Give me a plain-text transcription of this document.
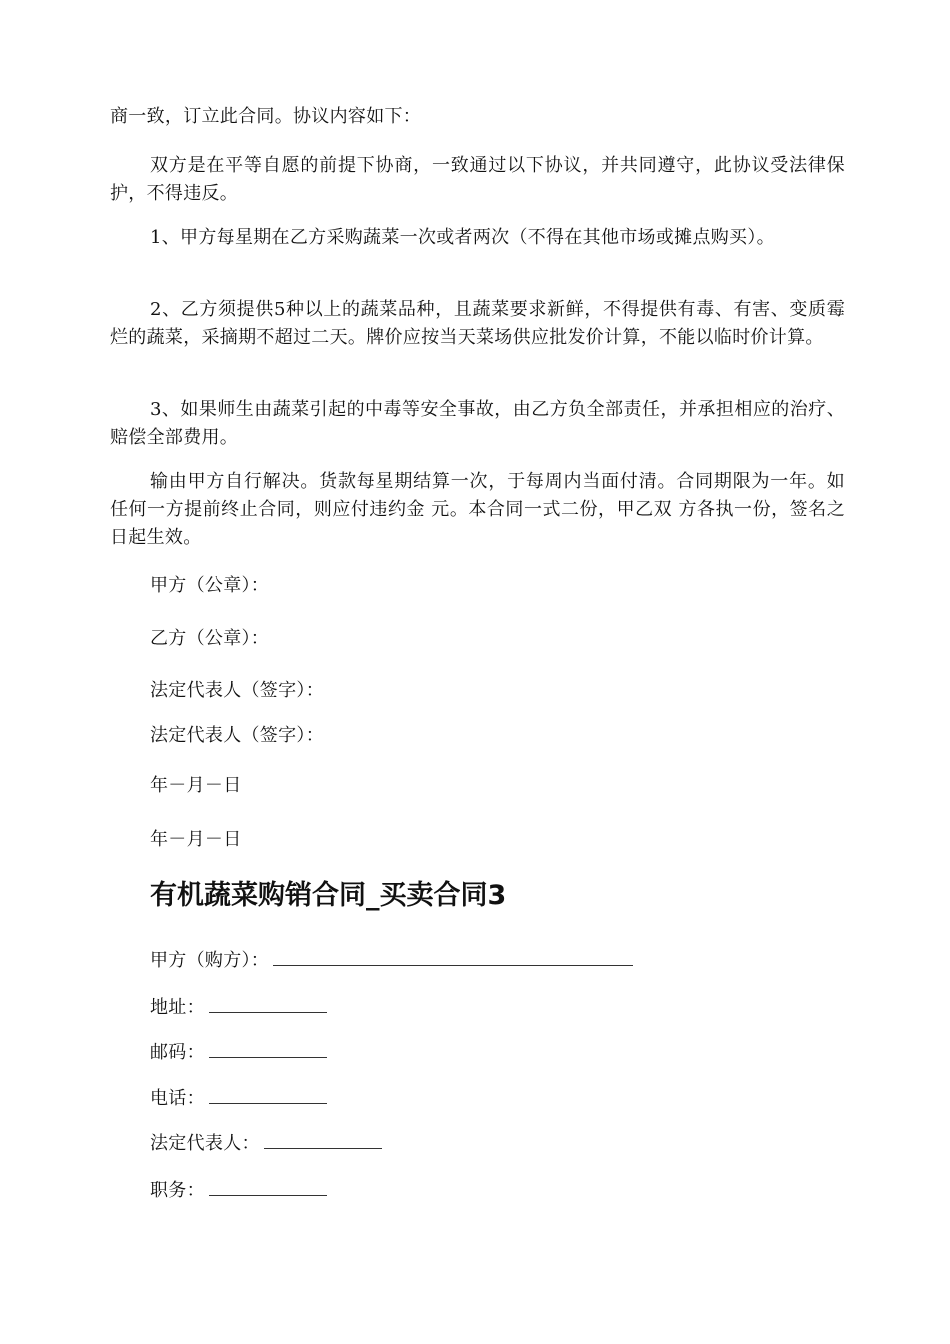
商一致，订立此合同。协议内容如下：

双方是在平等自愿的前提下协商，一致通过以下协议，并共同遵守，此协议受法律保护，不得违反。

1、甲方每星期在乙方采购蔬菜一次或者两次（不得在其他市场或摊点购买）。

2、乙方须提供5种以上的蔬菜品种，且蔬菜要求新鲜，不得提供有毒、有害、变质霉烂的蔬菜，采摘期不超过二天。牌价应按当天菜场供应批发价计算，不能以临时价计算。

3、如果师生由蔬菜引起的中毒等安全事故，由乙方负全部责任，并承担相应的治疗、赔偿全部费用。

输由甲方自行解决。货款每星期结算一次，于每周内当面付清。合同期限为一年。如任何一方提前终止合同，则应付违约金 元。本合同一式二份，甲乙双 方各执一份，签名之日起生效。

甲方（公章）：

乙方（公章）：

法定代表人（签字）：

法定代表人（签字）：

年－月－日

年－月－日

有机蔬菜购销合同_买卖合同3
甲方（购方）：
地址：
邮码：
电话：
法定代表人：
职务：
